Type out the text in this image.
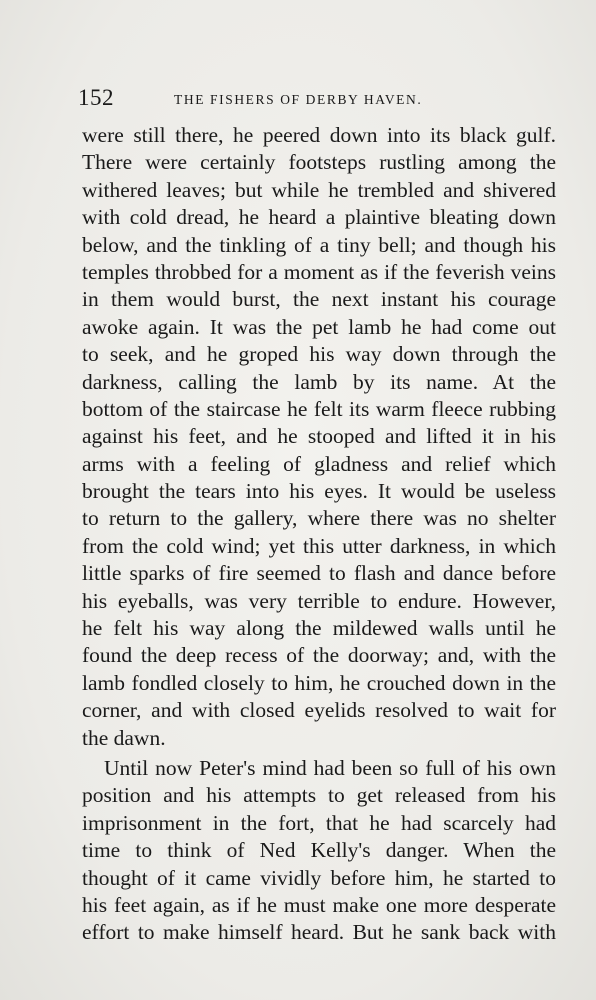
152	THE FISHERS OF DERBY HAVEN.
were still there, he peered down into its black gulf.
There were certainly footsteps rustling among the
withered leaves; but while he trembled and shivered
with cold dread, he heard a plaintive bleating down
below, and the tinkling of a tiny bell; and though his
temples throbbed for a moment as if the feverish veins
in them would burst, the next instant his courage
awoke again. It was the pet lamb he had come out
to seek, and he groped his way down through the
darkness, calling the lamb by its name. At the
bottom of the staircase he felt its warm fleece rubbing
against his feet, and he stooped and lifted it in his
arms with a feeling of gladness and relief which
brought the tears into his eyes. It would be useless
to return to the gallery, where there was no shelter
from the cold wind; yet this utter darkness, in which
little sparks of fire seemed to flash and dance before
his eyeballs, was very terrible to endure. However,
he felt his way along the mildewed walls until he
found the deep recess of the doorway; and, with the
lamb fondled closely to him, he crouched down in the
corner, and with closed eyelids resolved to wait for
the dawn.
Until now Peter's mind had been so full of his own
position and his attempts to get released from his
imprisonment in the fort, that he had scarcely had
time to think of Ned Kelly's danger. When the
thought of it came vividly before him, he started to
his feet again, as if he must make one more desperate
effort to make himself heard. But he sank back with
